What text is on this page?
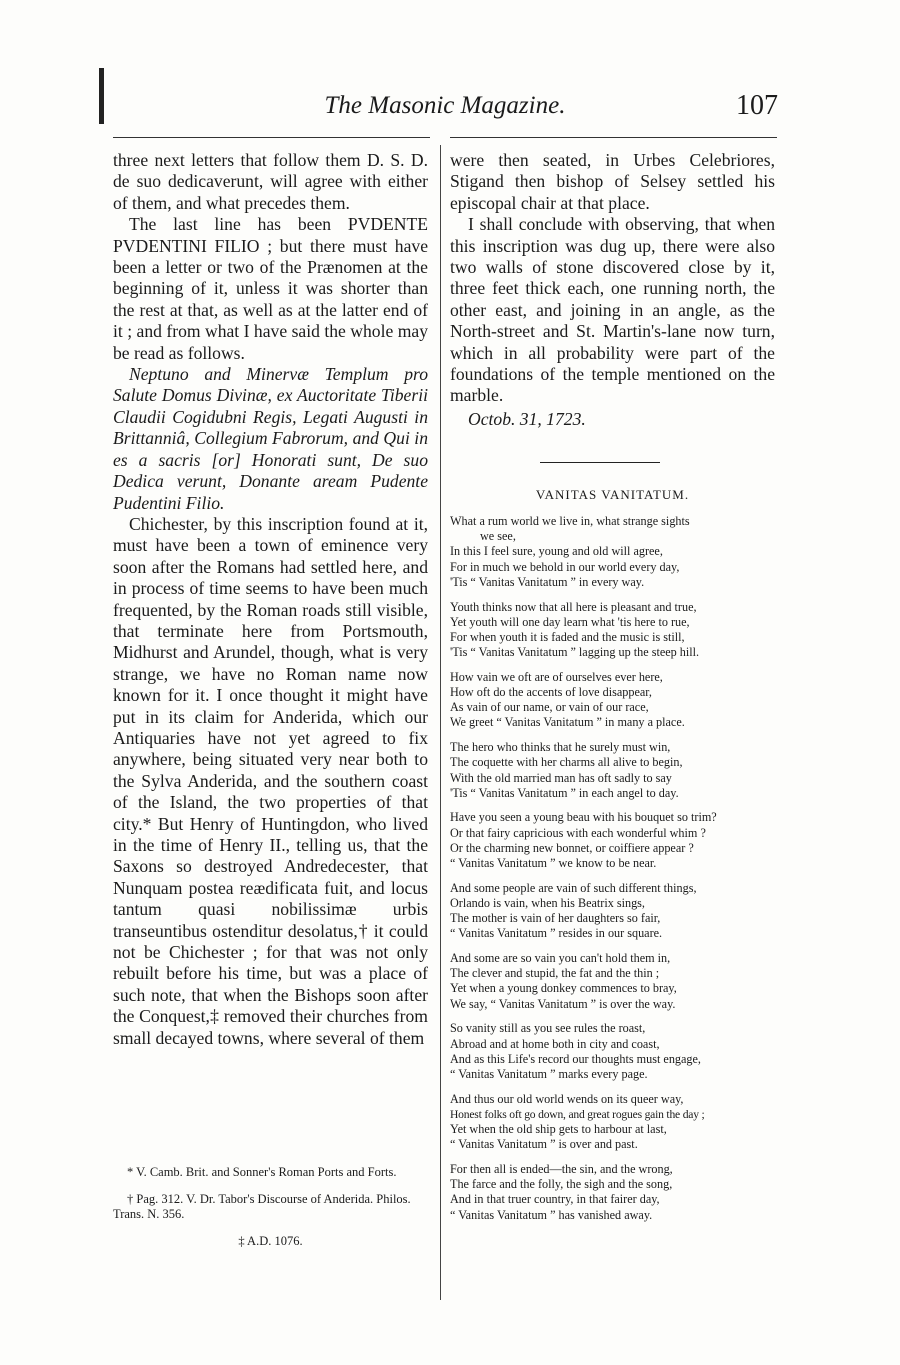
The Masonic Magazine.	107

three next letters that follow them D. S. D. de suo dedicaverunt, will agree with either of them, and what precedes them.

The last line has been PVDENTE PVDENTINI FILIO ; but there must have been a letter or two of the Prænomen at the beginning of it, unless it was shorter than the rest at that, as well as at the latter end of it ; and from what I have said the whole may be read as follows.

Neptuno and Minervæ Templum pro Salute Domus Divinæ, ex Auctoritate Tiberii Claudii Cogidubni Regis, Legati Augusti in Brittanniâ, Collegium Fabrorum, and Qui in es a sacris [or] Honorati sunt, De suo Dedica verunt, Donante aream Pudente Pudentini Filio.

Chichester, by this inscription found at it, must have been a town of eminence very soon after the Romans had settled here, and in process of time seems to have been much frequented, by the Roman roads still visible, that terminate here from Portsmouth, Midhurst and Arundel, though, what is very strange, we have no Roman name now known for it. I once thought it might have put in its claim for Anderida, which our Antiquaries have not yet agreed to fix anywhere, being situated very near both to the Sylva Anderida, and the southern coast of the Island, the two properties of that city.* But Henry of Huntingdon, who lived in the time of Henry II., telling us, that the Saxons so destroyed Andredecester, that Nunquam postea reædificata fuit, and locus tantum quasi nobilissimæ urbis transeuntibus ostenditur desolatus,† it could not be Chichester ; for that was not only rebuilt before his time, but was a place of such note, that when the Bishops soon after the Conquest,‡ removed their churches from small decayed towns, where several of them

* V. Camb. Brit. and Sonner's Roman Ports and Forts.

† Pag. 312. V. Dr. Tabor's Discourse of Anderida. Philos. Trans. N. 356.

‡ A.D. 1076.

were then seated, in Urbes Celebriores, Stigand then bishop of Selsey settled his episcopal chair at that place.

I shall conclude with observing, that when this inscription was dug up, there were also two walls of stone discovered close by it, three feet thick each, one running north, the other east, and joining in an angle, as the North-street and St. Martin's-lane now turn, which in all probability were part of the foundations of the temple mentioned on the marble.

Octob. 31, 1723.

VANITAS VANITATUM.
What a rum world we live in, what strange sights
we see,
In this I feel sure, young and old will agree,
For in much we behold in our world every day,
'Tis “ Vanitas Vanitatum ” in every way.
Youth thinks now that all here is pleasant and true,
Yet youth will one day learn what 'tis here to rue,
For when youth it is faded and the music is still,
'Tis “ Vanitas Vanitatum ” lagging up the steep hill.
How vain we oft are of ourselves ever here,
How oft do the accents of love disappear,
As vain of our name, or vain of our race,
We greet “ Vanitas Vanitatum ” in many a place.
The hero who thinks that he surely must win,
The coquette with her charms all alive to begin,
With the old married man has oft sadly to say
'Tis “ Vanitas Vanitatum ” in each angel to day.
Have you seen a young beau with his bouquet so trim?
Or that fairy capricious with each wonderful whim ?
Or the charming new bonnet, or coiffiere appear ?
“ Vanitas Vanitatum ” we know to be near.
And some people are vain of such different things,
Orlando is vain, when his Beatrix sings,
The mother is vain of her daughters so fair,
“ Vanitas Vanitatum ” resides in our square.
And some are so vain you can't hold them in,
The clever and stupid, the fat and the thin ;
Yet when a young donkey commences to bray,
We say, “ Vanitas Vanitatum ” is over the way.
So vanity still as you see rules the roast,
Abroad and at home both in city and coast,
And as this Life's record our thoughts must engage,
“ Vanitas Vanitatum ” marks every page.
And thus our old world wends on its queer way,
Honest folks oft go down, and great rogues gain the day ;
Yet when the old ship gets to harbour at last,
“ Vanitas Vanitatum ” is over and past.
For then all is ended—the sin, and the wrong,
The farce and the folly, the sigh and the song,
And in that truer country, in that fairer day,
“ Vanitas Vanitatum ” has vanished away.
